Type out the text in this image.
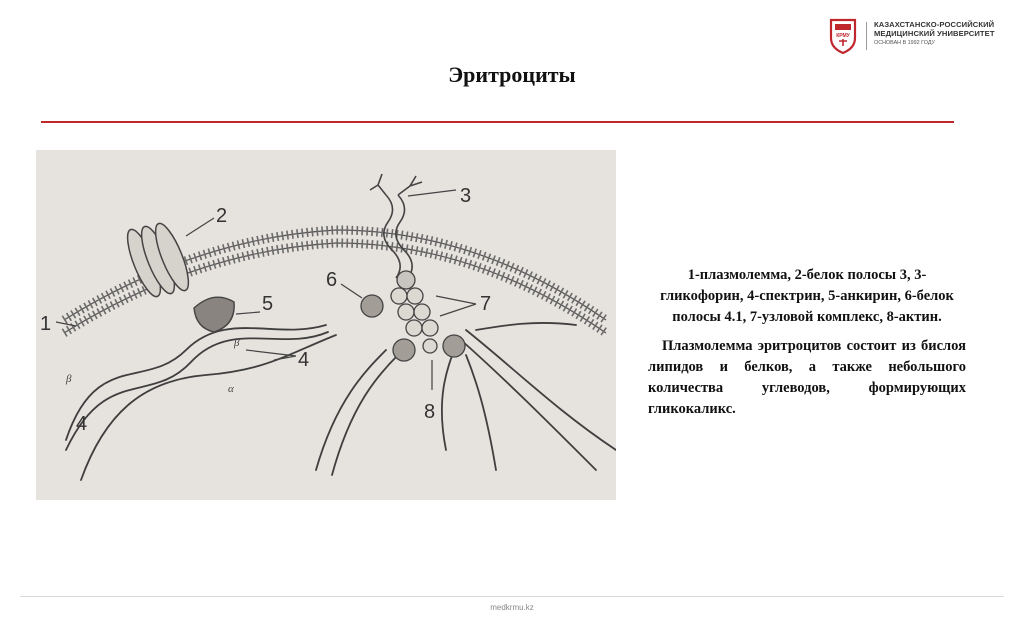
КРМУ
КАЗАХСТАНСКО-РОССИЙСКИЙ
МЕДИЦИНСКИЙ УНИВЕРСИТЕТ
ОСНОВАН В 1992 ГОДУ
Эритроциты
1
2
3
4
4
5
6
7
8
β
α
β
1-плазмолемма, 2-белок полосы 3, 3-гликофорин, 4-спектрин, 5-анкирин, 6-белок полосы 4.1, 7-узловой комплекс, 8-актин.
Плазмолемма эритроцитов состоит из бислоя липидов и белков, а также небольшого количества углеводов, формирующих гликокаликс.
medkrmu.kz
